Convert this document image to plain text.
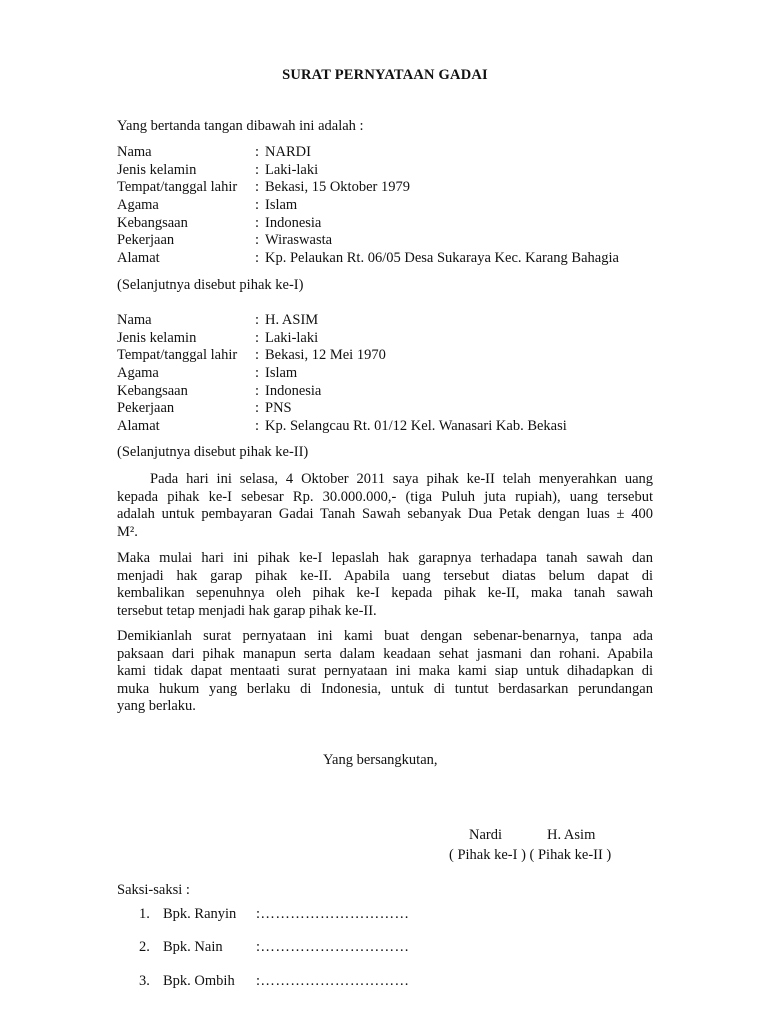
SURAT PERNYATAAN GADAI
Yang bertanda tangan dibawah ini adalah :
Nama	: NARDI
Jenis kelamin	: Laki-laki
Tempat/tanggal lahir	: Bekasi, 15 Oktober 1979
Agama	: Islam
Kebangsaan	: Indonesia
Pekerjaan	: Wiraswasta
Alamat	: Kp. Pelaukan Rt. 06/05 Desa Sukaraya Kec. Karang Bahagia
(Selanjutnya disebut pihak ke-I)
Nama	: H. ASIM
Jenis kelamin	: Laki-laki
Tempat/tanggal lahir	: Bekasi, 12 Mei 1970
Agama	: Islam
Kebangsaan	: Indonesia
Pekerjaan	: PNS
Alamat	: Kp. Selangcau Rt. 01/12 Kel. Wanasari Kab. Bekasi
(Selanjutnya disebut pihak ke-II)
Pada hari ini selasa, 4 Oktober 2011 saya pihak ke-II telah menyerahkan uang
kepada pihak ke-I sebesar Rp. 30.000.000,- (tiga Puluh juta rupiah), uang tersebut
adalah untuk pembayaran Gadai Tanah Sawah sebanyak Dua Petak dengan luas ± 400
M².
Maka mulai hari ini pihak ke-I lepaslah hak garapnya terhadapa tanah sawah dan
menjadi hak garap pihak ke-II. Apabila uang tersebut diatas belum dapat di
kembalikan sepenuhnya oleh pihak ke-I kepada pihak ke-II, maka tanah sawah
tersebut tetap menjadi hak garap pihak ke-II.
Demikianlah surat pernyataan ini kami buat dengan sebenar-benarnya, tanpa ada
paksaan dari pihak manapun serta dalam keadaan sehat jasmani dan rohani. Apabila
kami tidak dapat mentaati surat pernyataan ini maka kami siap untuk dihadapkan di
muka hukum yang berlaku di Indonesia, untuk di tuntut berdasarkan perundangan
yang berlaku.
Yang bersangkutan,
Nardi	H. Asim
( Pihak ke-I ) ( Pihak ke-II )
Saksi-saksi :
1. Bpk. Ranyin	:…………………………
2. Bpk. Nain	:…………………………
3. Bpk. Ombih	:…………………………
